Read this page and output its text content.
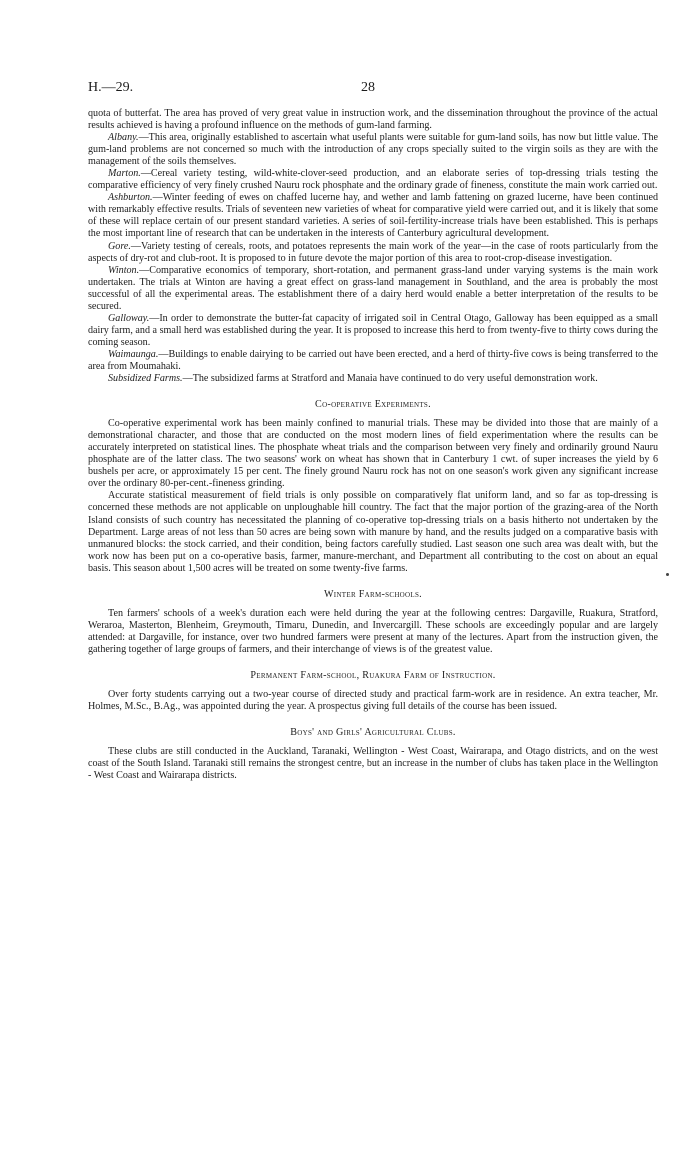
H.—29.	28

quota of butterfat. The area has proved of very great value in instruction work, and the dissemination throughout the province of the actual results achieved is having a profound influence on the methods of gum-land farming.

Albany.—This area, originally established to ascertain what useful plants were suitable for gum-land soils, has now but little value. The gum-land problems are not concerned so much with the introduction of any crops specially suited to the virgin soils as they are with the management of the soils themselves.

Marton.—Cereal variety testing, wild-white-clover-seed production, and an elaborate series of top-dressing trials testing the comparative efficiency of very finely crushed Nauru rock phosphate and the ordinary grade of fineness, constitute the main work carried out.

Ashburton.—Winter feeding of ewes on chaffed lucerne hay, and wether and lamb fattening on grazed lucerne, have been continued with remarkably effective results. Trials of seventeen new varieties of wheat for comparative yield were carried out, and it is likely that some of these will replace certain of our present standard varieties. A series of soil-fertility-increase trials have been established. This is perhaps the most important line of research that can be undertaken in the interests of Canterbury agricultural development.

Gore.—Variety testing of cereals, roots, and potatoes represents the main work of the year—in the case of roots particularly from the aspects of dry-rot and club-root. It is proposed to in future devote the major portion of this area to root-crop-disease investigation.

Winton.—Comparative economics of temporary, short-rotation, and permanent grass-land under varying systems is the main work undertaken. The trials at Winton are having a great effect on grass-land management in Southland, and the area is probably the most successful of all the experimental areas. The establishment there of a dairy herd would enable a better interpretation of the results to be secured.

Galloway.—In order to demonstrate the butter-fat capacity of irrigated soil in Central Otago, Galloway has been equipped as a small dairy farm, and a small herd was established during the year. It is proposed to increase this herd to from twenty-five to thirty cows during the coming season.

Waimaunga.—Buildings to enable dairying to be carried out have been erected, and a herd of thirty-five cows is being transferred to the area from Moumahaki.

Subsidized Farms.—The subsidized farms at Stratford and Manaia have continued to do very useful demonstration work.

Co-operative Experiments.

Co-operative experimental work has been mainly confined to manurial trials. These may be divided into those that are mainly of a demonstrational character, and those that are conducted on the most modern lines of field experimentation where the results can be accurately interpreted on statistical lines. The phosphate wheat trials and the comparison between very finely and ordinarily ground Nauru phosphate are of the latter class. The two seasons' work on wheat has shown that in Canterbury 1 cwt. of super increases the yield by 6 bushels per acre, or approximately 15 per cent. The finely ground Nauru rock has not on one season's work given any significant increase over the ordinary 80-per-cent.-fineness grinding.

Accurate statistical measurement of field trials is only possible on comparatively flat uniform land, and so far as top-dressing is concerned these methods are not applicable on unploughable hill country. The fact that the major portion of the grazing-area of the North Island consists of such country has necessitated the planning of co-operative top-dressing trials on a basis hitherto not undertaken by the Department. Large areas of not less than 50 acres are being sown with manure by hand, and the results judged on a comparative basis with unmanured blocks: the stock carried, and their condition, being factors carefully studied. Last season one such area was dealt with, but the work now has been put on a co-operative basis, farmer, manure-merchant, and Department all contributing to the cost on about an equal basis. This season about 1,500 acres will be treated on some twenty-five farms.

Winter Farm-schools.

Ten farmers' schools of a week's duration each were held during the year at the following centres: Dargaville, Ruakura, Stratford, Weraroa, Masterton, Blenheim, Greymouth, Timaru, Dunedin, and Invercargill. These schools are exceedingly popular and are largely attended: at Dargaville, for instance, over two hundred farmers were present at many of the lectures. Apart from the instruction given, the gathering together of large groups of farmers, and their interchange of views is of the greatest value.

Permanent Farm-school, Ruakura Farm of Instruction.

Over forty students carrying out a two-year course of directed study and practical farm-work are in residence. An extra teacher, Mr. Holmes, M.Sc., B.Ag., was appointed during the year. A prospectus giving full details of the course has been issued.

Boys' and Girls' Agricultural Clubs.

These clubs are still conducted in the Auckland, Taranaki, Wellington - West Coast, Wairarapa, and Otago districts, and on the west coast of the South Island. Taranaki still remains the strongest centre, but an increase in the number of clubs has taken place in the Wellington - West Coast and Wairarapa districts.
